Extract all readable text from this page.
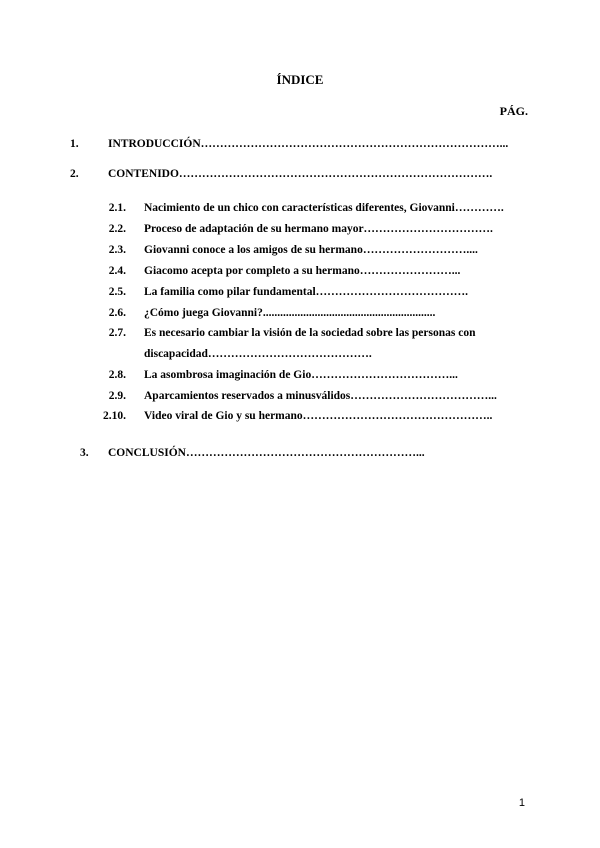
ÍNDICE
PÁG.
1.	INTRODUCCIÓN……………………………………………………………………...
2.	CONTENIDO……………………………………………………………………….
2.1. Nacimiento de un chico con características diferentes, Giovanni………….
2.2. Proceso de adaptación de su hermano mayor…………………………….
2.3. Giovanni conoce a los amigos de su hermano………………………....
2.4. Giacomo acepta por completo a su hermano……………………...
2.5. La familia como pilar fundamental………………………………….
2.6. ¿Cómo juega Giovanni?............................................................
2.7. Es necesario cambiar la visión de la sociedad sobre las personas con
discapacidad…………………………………….
2.8. La asombrosa imaginación de Gio………………………………...
2.9. Aparcamientos reservados a minusválidos………………………………...
2.10. Video viral de Gio y su hermano…………………………………………..
3.	CONCLUSIÓN……………………………………………………...
1
